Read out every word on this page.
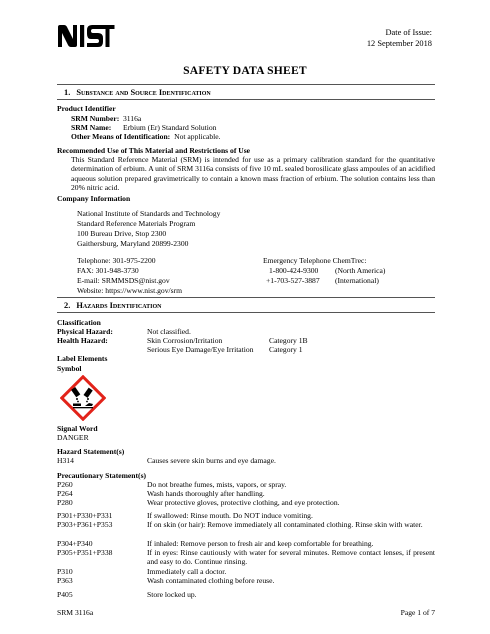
Date of Issue:
12 September 2018
SAFETY DATA SHEET
1. Substance and Source Identification
Product Identifier
SRM Number: 3116a
SRM Name: Erbium (Er) Standard Solution
Other Means of Identification: Not applicable.
Recommended Use of This Material and Restrictions of Use
This Standard Reference Material (SRM) is intended for use as a primary calibration standard for the quantitative determination of erbium. A unit of SRM 3116a consists of five 10 mL sealed borosilicate glass ampoules of an acidified aqueous solution prepared gravimetrically to contain a known mass fraction of erbium. The solution contains less than 20% nitric acid.
Company Information
National Institute of Standards and Technology
Standard Reference Materials Program
100 Bureau Drive, Stop 2300
Gaithersburg, Maryland 20899-2300
Telephone: 301-975-2200
FAX: 301-948-3730
E-mail: SRMMSDS@nist.gov
Website: https://www.nist.gov/srm
Emergency Telephone ChemTrec:
1-800-424-9300 (North America)
+1-703-527-3887 (International)
2. Hazards Identification
Classification
Physical Hazard:	Not classified.
Health Hazard:	Skin Corrosion/Irritation	Category 1B
Serious Eye Damage/Eye Irritation Category 1
Label Elements
Symbol
Signal Word
DANGER
Hazard Statement(s)
H314	Causes severe skin burns and eye damage.
Precautionary Statement(s)
P260	Do not breathe fumes, mists, vapors, or spray.
P264	Wash hands thoroughly after handling.
P280	Wear protective gloves, protective clothing, and eye protection.
P301+P330+P331	If swallowed: Rinse mouth. Do NOT induce vomiting.
P303+P361+P353	If on skin (or hair): Remove immediately all contaminated clothing. Rinse skin with water.
P304+P340	If inhaled: Remove person to fresh air and keep comfortable for breathing.
P305+P351+P338	If in eyes: Rinse cautiously with water for several minutes. Remove contact lenses, if present and easy to do. Continue rinsing.
P310	Immediately call a doctor.
P363	Wash contaminated clothing before reuse.
P405	Store locked up.
SRM 3116a	Page 1 of 7
